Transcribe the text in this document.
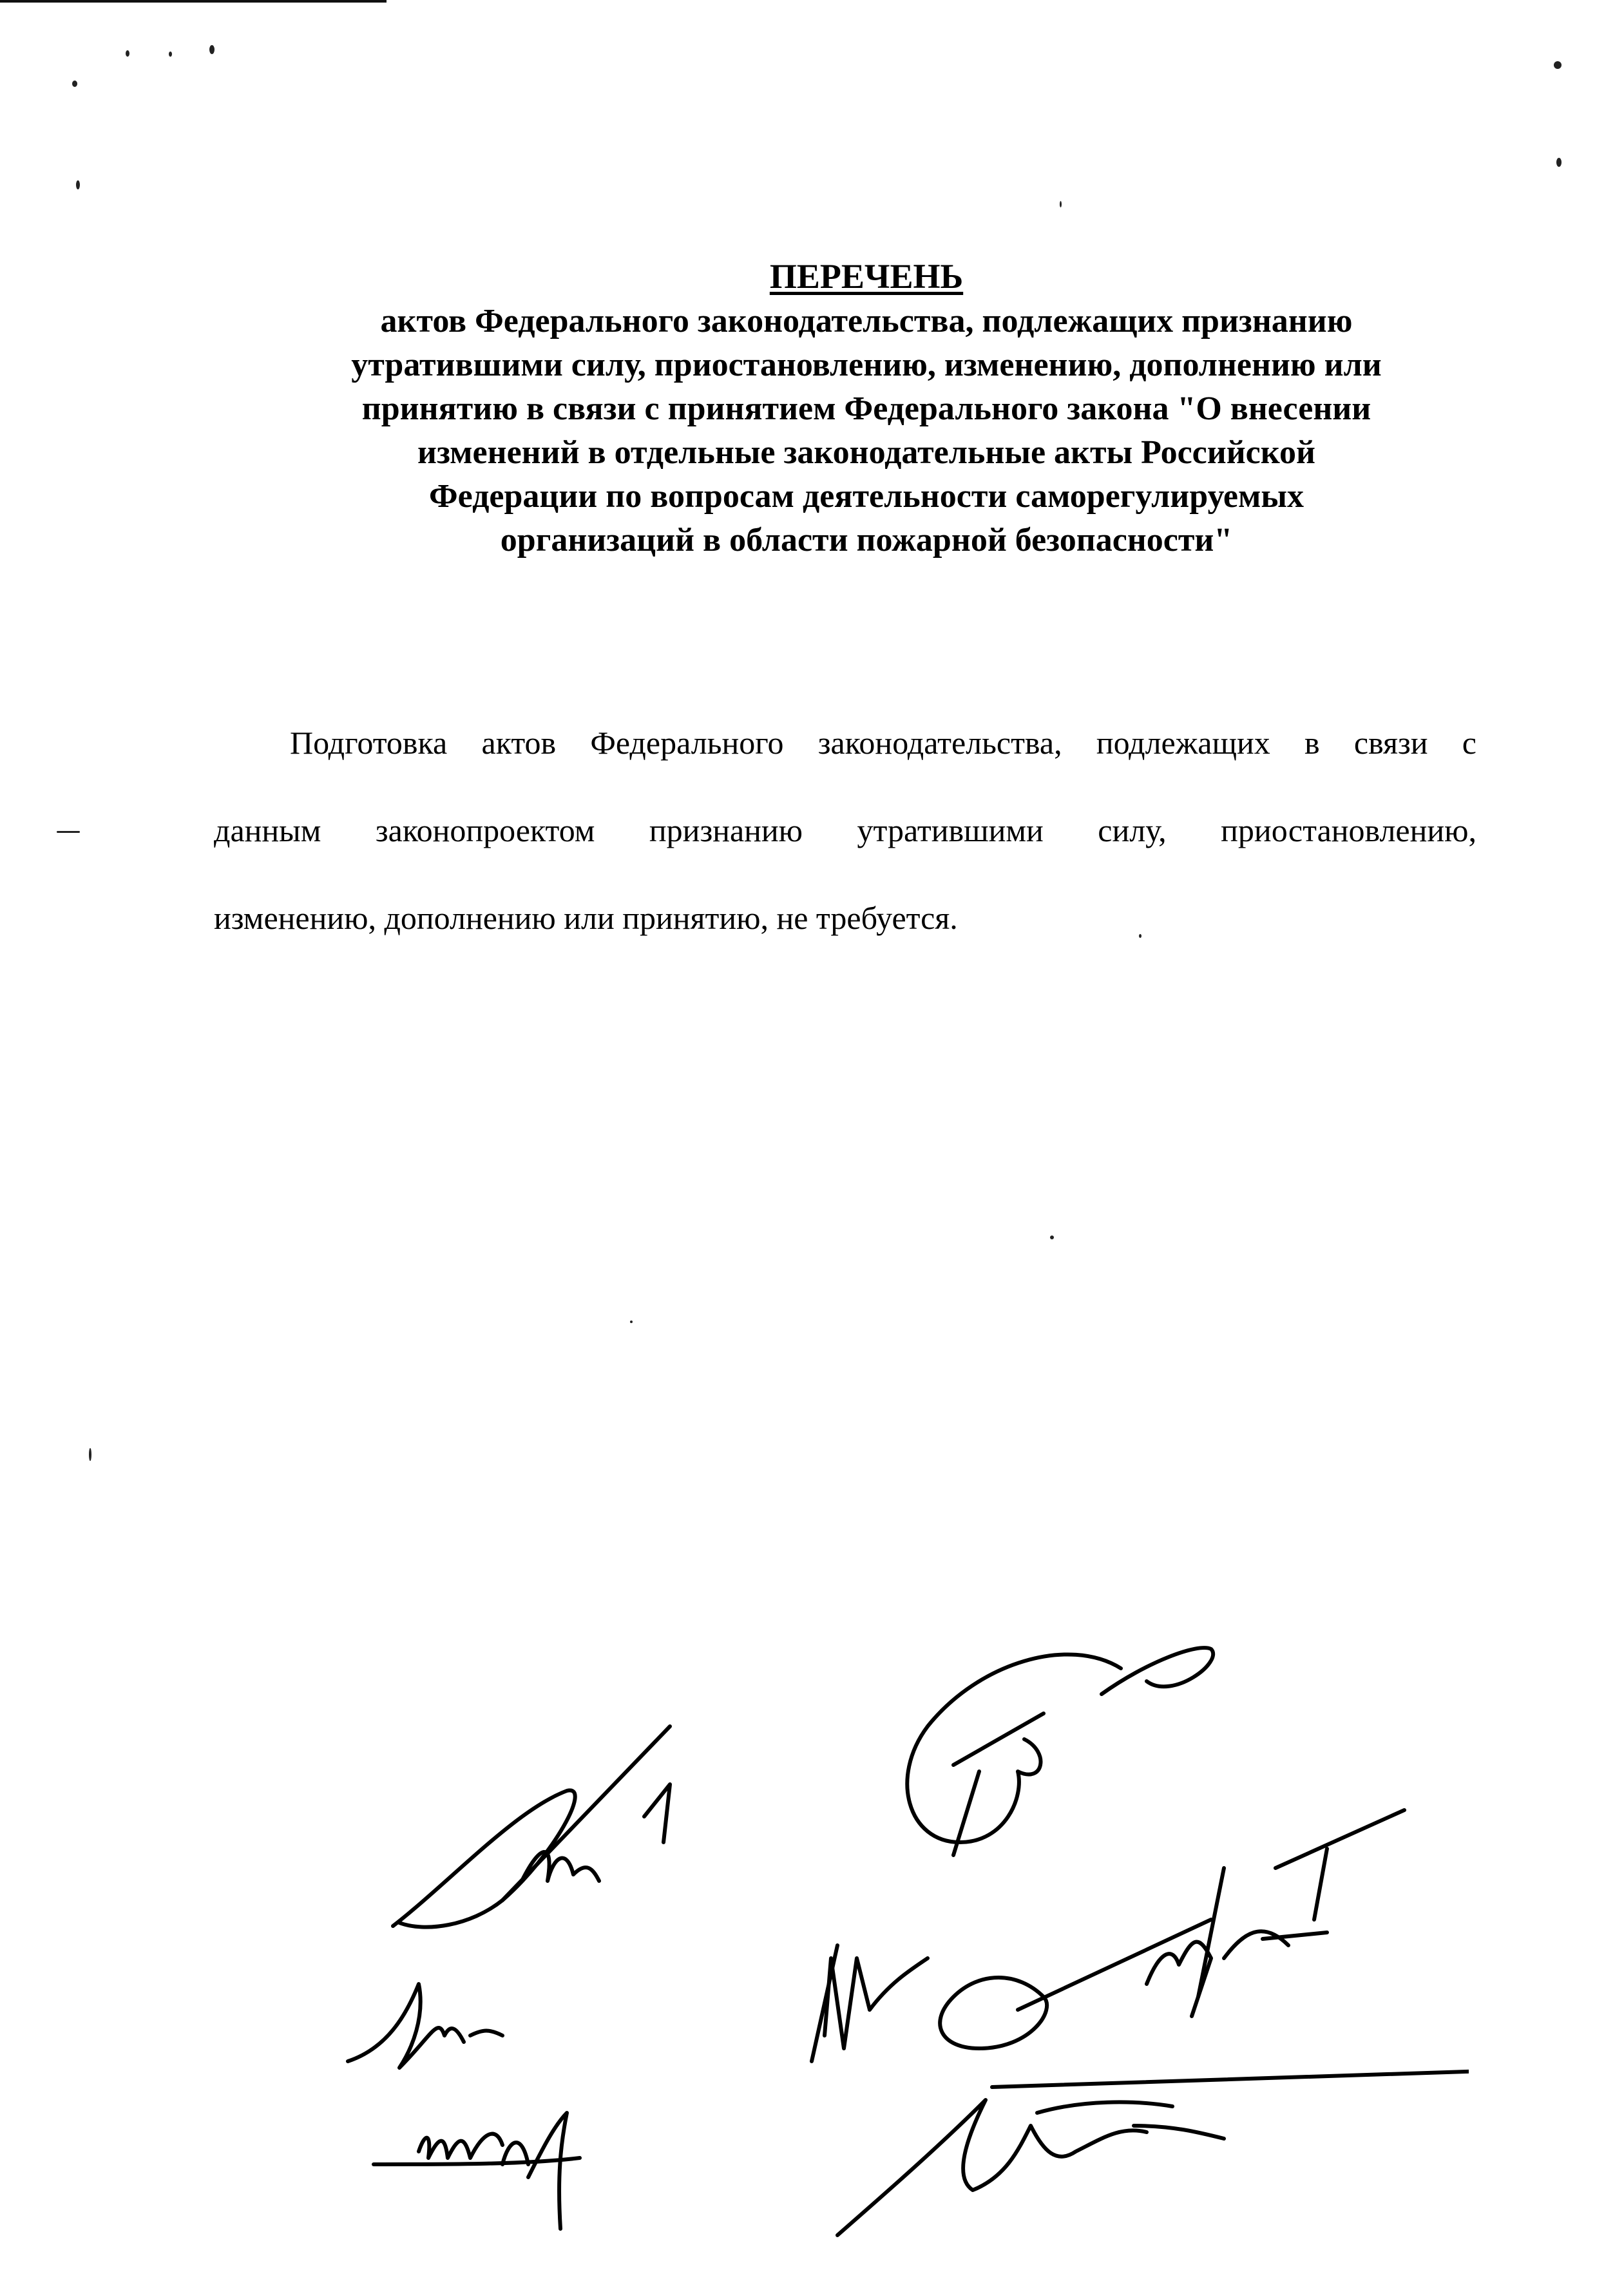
ПЕРЕЧЕНЬ
актов Федерального законодательства, подлежащих признанию
утратившими силу, приостановлению, изменению, дополнению или
принятию в связи с принятием Федерального закона "О внесении
изменений в отдельные законодательные акты Российской
Федерации по вопросам деятельности саморегулируемых
организаций в области пожарной безопасности"
Подготовка актов Федерального законодательства, подлежащих в связи с
данным законопроектом признанию утратившими силу, приостановлению,
изменению, дополнению или принятию, не требуется.
